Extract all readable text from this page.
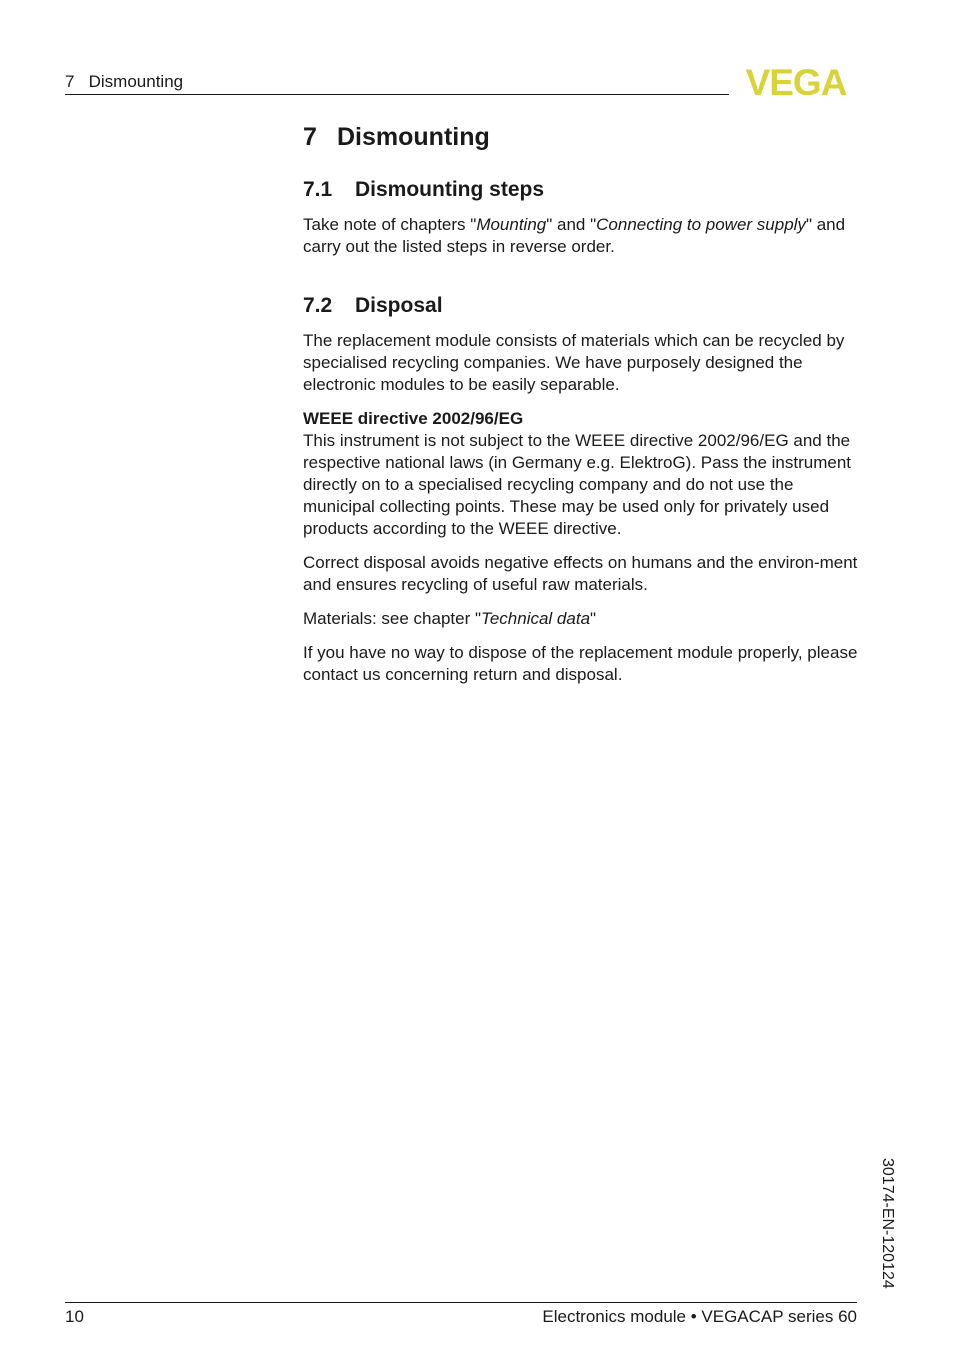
7   Dismounting	VEGA
7 Dismounting
7.1 Dismounting steps

Take note of chapters "Mounting" and "Connecting to power supply" and carry out the listed steps in reverse order.

7.2 Disposal

The replacement module consists of materials which can be recycled by specialised recycling companies. We have purposely designed the electronic modules to be easily separable.

WEEE directive 2002/96/EG
This instrument is not subject to the WEEE directive 2002/96/EG and the respective national laws (in Germany e.g. ElektroG). Pass the instrument directly on to a specialised recycling company and do not use the municipal collecting points. These may be used only for privately used products according to the WEEE directive.

Correct disposal avoids negative effects on humans and the environ-ment and ensures recycling of useful raw materials.

Materials: see chapter "Technical data"

If you have no way to dispose of the replacement module properly, please contact us concerning return and disposal.

30174-EN-120124
10	Electronics module • VEGACAP series 60
